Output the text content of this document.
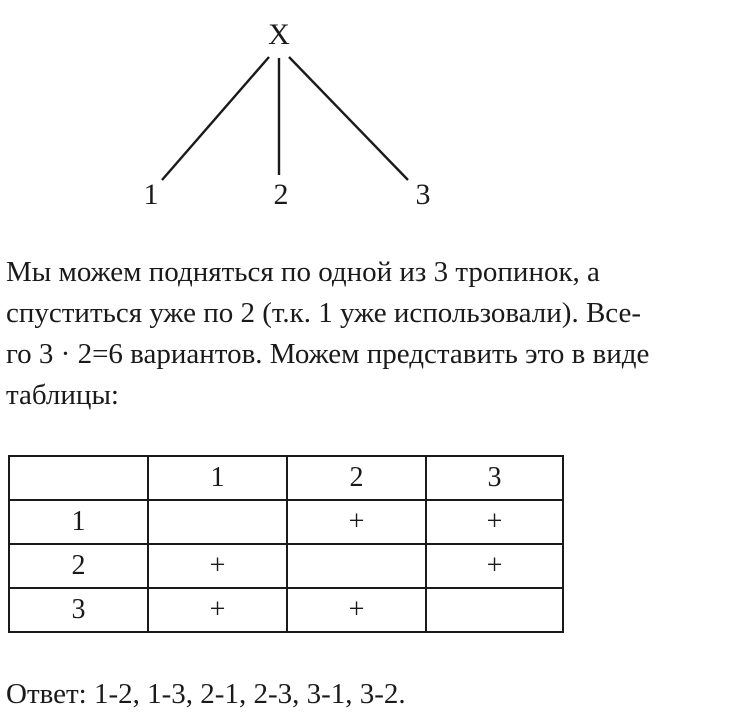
X
1	2	3
Мы можем подняться по одной из 3 тропинок, а
спуститься уже по 2 (т.к. 1 уже использовали). Все-
го 3 · 2=6 вариантов. Можем представить это в виде
таблицы:
	1	2	3
1		+	+
2	+		+
3	+	+	
Ответ: 1-2, 1-3, 2-1, 2-3, 3-1, 3-2.
